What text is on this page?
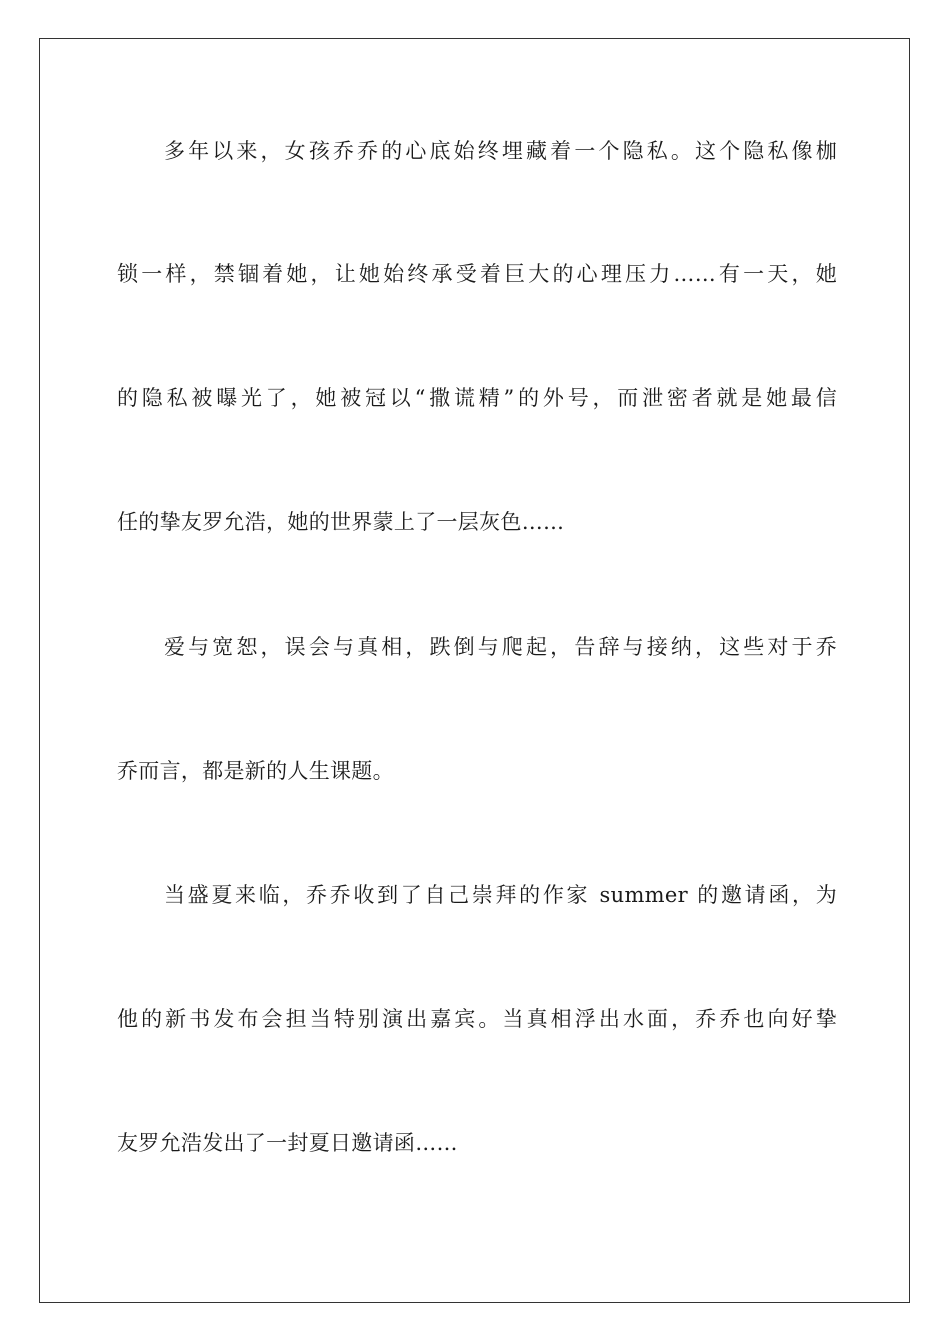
多年以来，女孩乔乔的心底始终埋藏着一个隐私。这个隐私像枷
锁一样，禁锢着她，让她始终承受着巨大的心理压力……有一天，她
的隐私被曝光了，她被冠以“撒谎精”的外号，而泄密者就是她最信
任的挚友罗允浩，她的世界蒙上了一层灰色……
爱与宽恕，误会与真相，跌倒与爬起，告辞与接纳，这些对于乔
乔而言，都是新的人生课题。
当盛夏来临，乔乔收到了自己崇拜的作家 summer 的邀请函，为
他的新书发布会担当特别演出嘉宾。当真相浮出水面，乔乔也向好挚
友罗允浩发出了一封夏日邀请函……
